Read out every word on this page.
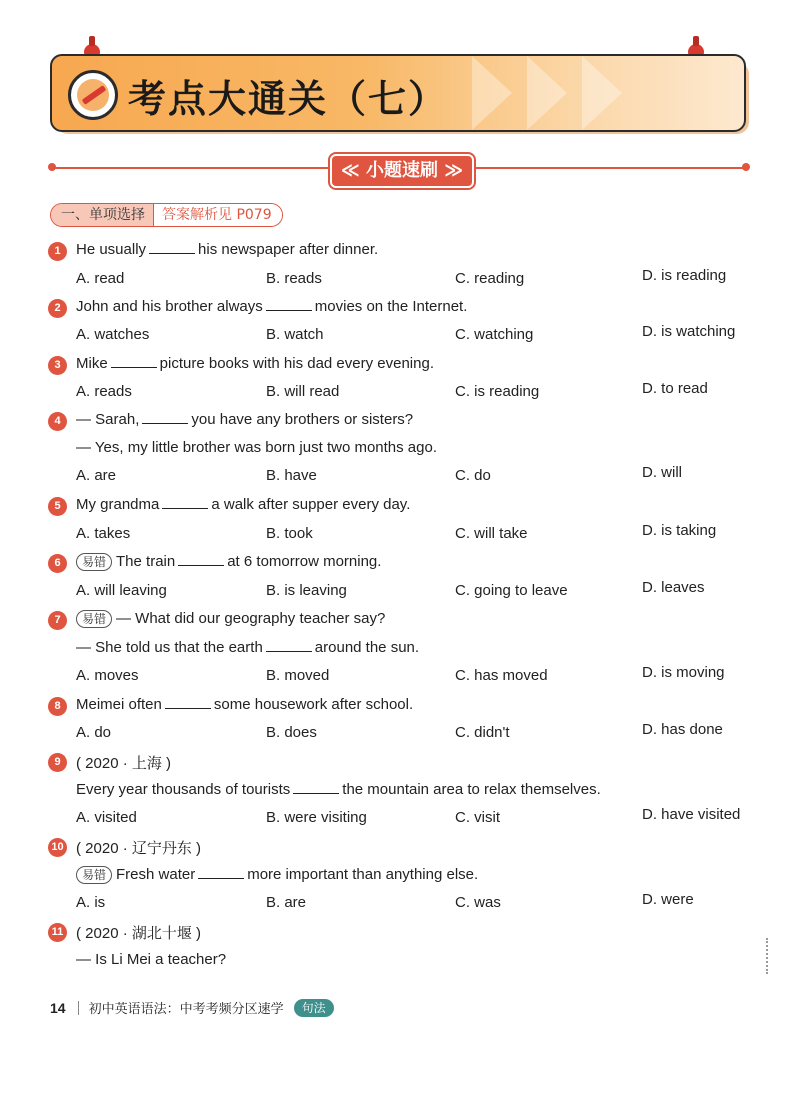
考点大通关（七）
≪ 小题速刷 ≫
一、单项选择	答案解析见 P079
1	He usually	his newspaper after dinner.
A. read	B. reads	C. reading	D. is reading
2	John and his brother always	movies on the Internet.
A. watches	B. watch	C. watching	D. is watching
3	Mike	picture books with his dad every evening.
A. reads	B. will read	C. is reading	D. to read
4	— Sarah,	you have any brothers or sisters?
— Yes, my little brother was born just two months ago.
A. are	B. have	C. do	D. will
5	My grandma	a walk after supper every day.
A. takes	B. took	C. will take	D. is taking
6	易错 The train	at 6 tomorrow morning.
A. will leaving	B. is leaving	C. going to leave	D. leaves
7	易错 — What did our geography teacher say?
— She told us that the earth	around the sun.
A. moves	B. moved	C. has moved	D. is moving
8	Meimei often	some housework after school.
A. do	B. does	C. didn't	D. has done
9	( 2020 · 上海 )
Every year thousands of tourists	the mountain area to relax themselves.
A. visited	B. were visiting	C. visit	D. have visited
10 ( 2020 · 辽宁丹东 )
易错 Fresh water	more important than anything else.
A. is	B. are	C. was	D. were
11 ( 2020 · 湖北十堰 )
— Is Li Mei a teacher?
14 初中英语语法：中考考频分区速学	句法
